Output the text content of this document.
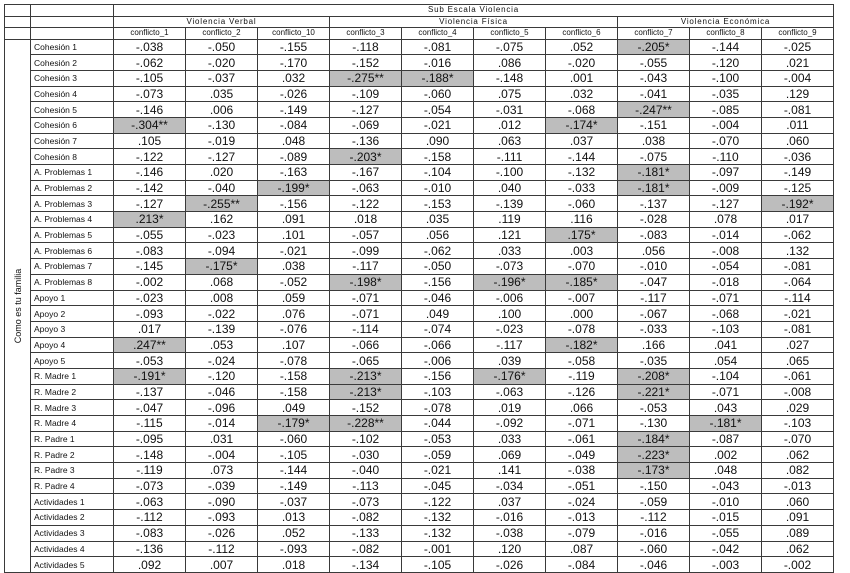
		Sub Escala Violencia									
		Violencia Verbal			Violencia Física				Violencia Económica		
		conflicto_1	conflicto_2	conflicto_10	conflicto_3	conflicto_4	conflicto_5	conflicto_6	conflicto_7	conflicto_8	conflicto_9

Como es tu familia	Cohesión 1	-.038	-.050	-.155	-.118	-.081	-.075	.052	-.205*	-.144	-.025
	Cohesión 2	-.062	-.020	-.170	-.152	-.016	.086	-.020	-.055	-.120	.021
	Cohesión 3	-.105	-.037	.032	-.275**	-.188*	-.148	.001	-.043	-.100	-.004
	Cohesión 4	-.073	.035	-.026	-.109	-.060	.075	.032	-.041	-.035	.129
	Cohesión 5	-.146	.006	-.149	-.127	-.054	-.031	-.068	-.247**	-.085	-.081
	Cohesión 6	-.304**	-.130	-.084	-.069	-.021	.012	-.174*	-.151	-.004	.011
	Cohesión 7	.105	-.019	.048	-.136	.090	.063	.037	.038	-.070	.060
	Cohesión 8	-.122	-.127	-.089	-.203*	-.158	-.111	-.144	-.075	-.110	-.036
	A. Problemas 1	-.146	.020	-.163	-.167	-.104	-.100	-.132	-.181*	-.097	-.149
	A. Problemas 2	-.142	-.040	-.199*	-.063	-.010	.040	-.033	-.181*	-.009	-.125
	A. Problemas 3	-.127	-.255**	-.156	-.122	-.153	-.139	-.060	-.137	-.127	-.192*
	A. Problemas 4	.213*	.162	.091	.018	.035	.119	.116	-.028	.078	.017
	A. Problemas 5	-.055	-.023	.101	-.057	.056	.121	.175*	-.083	-.014	-.062
	A. Problemas 6	-.083	-.094	-.021	-.099	-.062	.033	.003	.056	-.008	.132
	A. Problemas 7	-.145	-.175*	.038	-.117	-.050	-.073	-.070	-.010	-.054	-.081
	A. Problemas 8	-.002	.068	-.052	-.198*	-.156	-.196*	-.185*	-.047	-.018	-.064
	Apoyo 1	-.023	.008	.059	-.071	-.046	-.006	-.007	-.117	-.071	-.114
	Apoyo 2	-.093	-.022	.076	-.071	.049	.100	.000	-.067	-.068	-.021
	Apoyo 3	.017	-.139	-.076	-.114	-.074	-.023	-.078	-.033	-.103	-.081
	Apoyo 4	.247**	.053	.107	-.066	-.066	-.117	-.182*	.166	.041	.027
	Apoyo 5	-.053	-.024	-.078	-.065	-.006	.039	-.058	-.035	.054	.065
	R. Madre 1	-.191*	-.120	-.158	-.213*	-.156	-.176*	-.119	-.208*	-.104	-.061
	R. Madre 2	-.137	-.046	-.158	-.213*	-.103	-.063	-.126	-.221*	-.071	-.008
	R. Madre 3	-.047	-.096	.049	-.152	-.078	.019	.066	-.053	.043	.029
	R. Madre 4	-.115	-.014	-.179*	-.228**	-.044	-.092	-.071	-.130	-.181*	-.103
	R. Padre 1	-.095	.031	-.060	-.102	-.053	.033	-.061	-.184*	-.087	-.070
	R. Padre 2	-.148	-.004	-.105	-.030	-.059	.069	-.049	-.223*	.002	.062
	R. Padre 3	-.119	.073	-.144	-.040	-.021	.141	-.038	-.173*	.048	.082
	R. Padre 4	-.073	-.039	-.149	-.113	-.045	-.034	-.051	-.150	-.043	-.013
	Actividades 1	-.063	-.090	-.037	-.073	-.122	.037	-.024	-.059	-.010	.060
	Actividades 2	-.112	-.093	.013	-.082	-.132	-.016	-.013	-.112	-.015	.091
	Actividades 3	-.083	-.026	.052	-.133	-.132	-.038	-.079	-.016	-.055	.089
	Actividades 4	-.136	-.112	-.093	-.082	-.001	.120	.087	-.060	-.042	.062
	Actividades 5	.092	.007	.018	-.134	-.105	-.026	-.084	-.046	-.003	-.002
